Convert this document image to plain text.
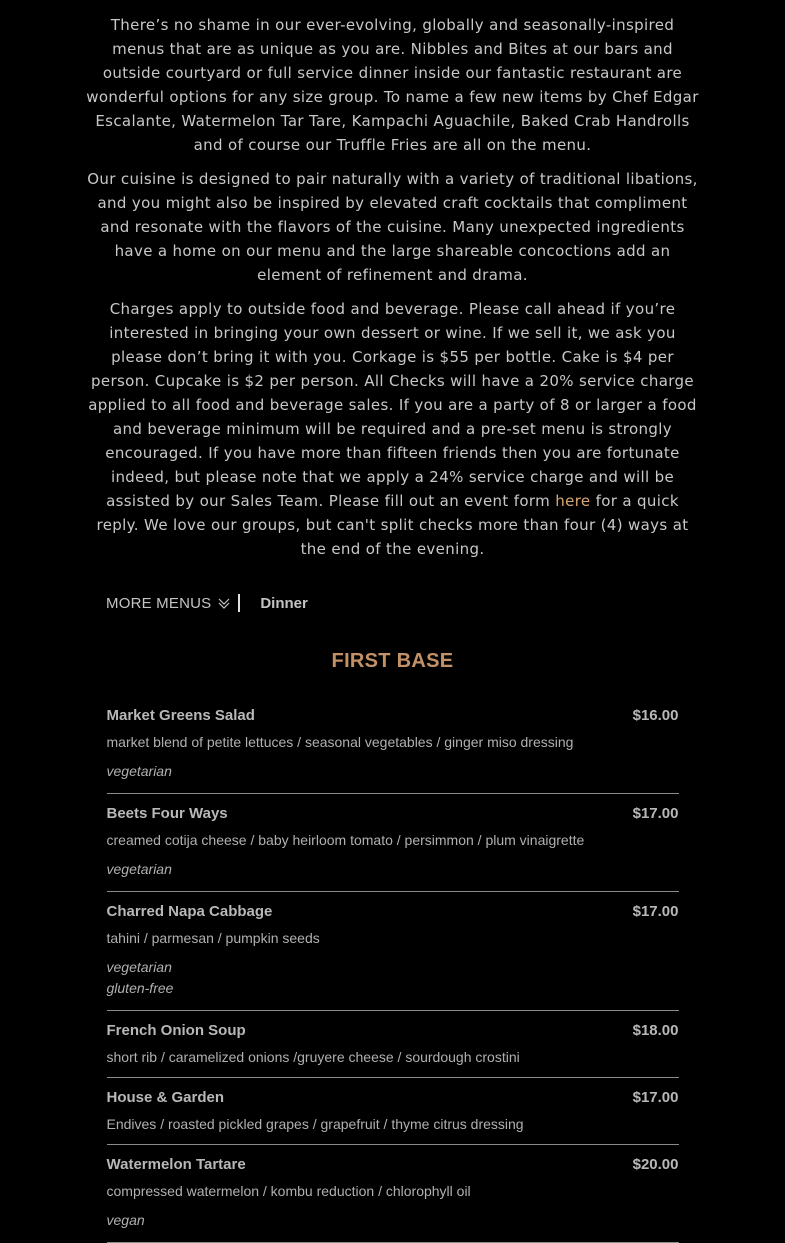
There’s no shame in our ever-evolving, globally and seasonally-inspired menus that are as unique as you are. Nibbles and Bites at our bars and outside courtyard or full service dinner inside our fantastic restaurant are wonderful options for any size group. To name a few new items by Chef Edgar Escalante, Watermelon Tar Tare, Kampachi Aguachile, Baked Crab Handrolls and of course our Truffle Fries are all on the menu.

Our cuisine is designed to pair naturally with a variety of traditional libations, and you might also be inspired by elevated craft cocktails that compliment and resonate with the flavors of the cuisine. Many unexpected ingredients have a home on our menu and the large shareable concoctions add an element of refinement and drama.

Charges apply to outside food and beverage. Please call ahead if you’re interested in bringing your own dessert or wine. If we sell it, we ask you please don’t bring it with you. Corkage is $55 per bottle. Cake is $4 per person. Cupcake is $2 per person. All Checks will have a 20% service charge applied to all food and beverage sales. If you are a party of 8 or larger a food and beverage minimum will be required and a pre-set menu is strongly encouraged. If you have more than fifteen friends then you are fortunate indeed, but please note that we apply a 24% service charge and will be assisted by our Sales Team. Please fill out an event form here for a quick reply. We love our groups, but can't split checks more than four (4) ways at the end of the evening.

MORE MENUS	Dinner
FIRST BASE
Market Greens Salad	$16.00
market blend of petite lettuces / seasonal vegetables / ginger miso dressing
vegetarian
Beets Four Ways	$17.00
creamed cotija cheese / baby heirloom tomato / persimmon / plum vinaigrette
vegetarian
Charred Napa Cabbage	$17.00
tahini / parmesan / pumpkin seeds
vegetarian
gluten-free
French Onion Soup	$18.00
short rib / caramelized onions /gruyere cheese / sourdough crostini
House & Garden	$17.00
Endives / roasted pickled grapes / grapefruit / thyme citrus dressing
Watermelon Tartare	$20.00
compressed watermelon / kombu reduction / chlorophyll oil
vegan
